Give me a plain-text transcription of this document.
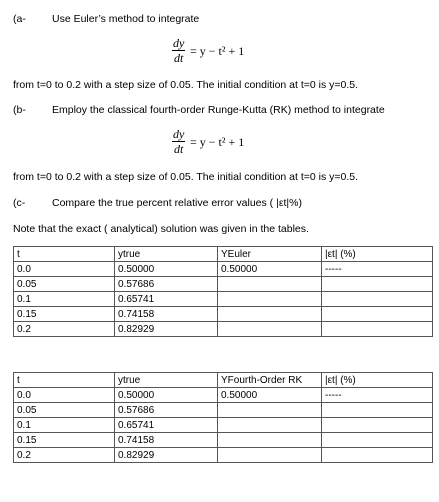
(a- Use Euler’s method to integrate
dy
dt = y − t² + 1
from t=0 to 0.2 with a step size of 0.05. The initial condition at t=0 is y=0.5.
(b- Employ the classical fourth-order Runge-Kutta (RK) method to integrate
dy
dt = y − t² + 1
from t=0 to 0.2 with a step size of 0.05. The initial condition at t=0 is y=0.5.
(c-	Compare the true percent relative error values ( |εt|%)
Note that the exact ( analytical) solution was given in the tables.
t	ytrue	YEuler	|εt| (%)
0.0	0.50000	0.50000	-----
0.05	0.57686		
0.1	0.65741		
0.15	0.74158		
0.2	0.82929		
t	ytrue	YFourth-Order RK	|εt| (%)
0.0	0.50000	0.50000	-----
0.05	0.57686		
0.1	0.65741		
0.15	0.74158		
0.2	0.82929		
